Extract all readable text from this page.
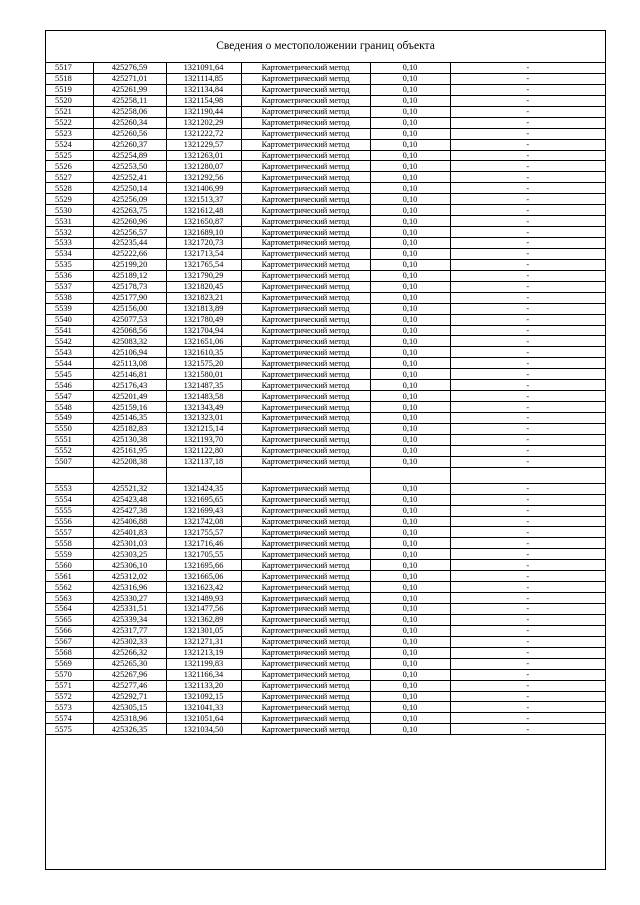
Сведения о местоположении границ объекта
5517	425276,59	1321091,64	Картометрический метод	0,10	-
5518	425271,01	1321114,85	Картометрический метод	0,10	-
5519	425261,99	1321134,84	Картометрический метод	0,10	-
5520	425258,11	1321154,98	Картометрический метод	0,10	-
5521	425258,06	1321190,44	Картометрический метод	0,10	-
5522	425260,34	1321202,29	Картометрический метод	0,10	-
5523	425260,56	1321222,72	Картометрический метод	0,10	-
5524	425260,37	1321229,57	Картометрический метод	0,10	-
5525	425254,89	1321263,01	Картометрический метод	0,10	-
5526	425253,50	1321280,07	Картометрический метод	0,10	-
5527	425252,41	1321292,56	Картометрический метод	0,10	-
5528	425250,14	1321406,99	Картометрический метод	0,10	-
5529	425256,09	1321513,37	Картометрический метод	0,10	-
5530	425263,75	1321612,48	Картометрический метод	0,10	-
5531	425260,96	1321650,87	Картометрический метод	0,10	-
5532	425256,57	1321689,10	Картометрический метод	0,10	-
5533	425235,44	1321720,73	Картометрический метод	0,10	-
5534	425222,66	1321713,54	Картометрический метод	0,10	-
5535	425199,20	1321765,54	Картометрический метод	0,10	-
5536	425189,12	1321790,29	Картометрический метод	0,10	-
5537	425178,73	1321820,45	Картометрический метод	0,10	-
5538	425177,90	1321823,21	Картометрический метод	0,10	-
5539	425156,00	1321813,89	Картометрический метод	0,10	-
5540	425077,53	1321780,49	Картометрический метод	0,10	-
5541	425068,56	1321704,94	Картометрический метод	0,10	-
5542	425083,32	1321651,06	Картометрический метод	0,10	-
5543	425106,94	1321610,35	Картометрический метод	0,10	-
5544	425113,08	1321575,20	Картометрический метод	0,10	-
5545	425146,81	1321580,01	Картометрический метод	0,10	-
5546	425176,43	1321487,35	Картометрический метод	0,10	-
5547	425201,49	1321483,58	Картометрический метод	0,10	-
5548	425159,16	1321343,49	Картометрический метод	0,10	-
5549	425146,35	1321323,01	Картометрический метод	0,10	-
5550	425182,83	1321215,14	Картометрический метод	0,10	-
5551	425130,38	1321193,70	Картометрический метод	0,10	-
5552	425161,95	1321122,80	Картометрический метод	0,10	-
5507	425208,38	1321137,18	Картометрический метод	0,10	-

5553	425521,32	1321424,35	Картометрический метод	0,10	-
5554	425423,48	1321695,65	Картометрический метод	0,10	-
5555	425427,38	1321699,43	Картометрический метод	0,10	-
5556	425406,88	1321742,08	Картометрический метод	0,10	-
5557	425401,83	1321755,57	Картометрический метод	0,10	-
5558	425301,03	1321716,46	Картометрический метод	0,10	-
5559	425303,25	1321705,55	Картометрический метод	0,10	-
5560	425306,10	1321695,66	Картометрический метод	0,10	-
5561	425312,02	1321665,06	Картометрический метод	0,10	-
5562	425316,96	1321623,42	Картометрический метод	0,10	-
5563	425330,27	1321489,93	Картометрический метод	0,10	-
5564	425331,51	1321477,56	Картометрический метод	0,10	-
5565	425339,34	1321362,89	Картометрический метод	0,10	-
5566	425317,77	1321301,05	Картометрический метод	0,10	-
5567	425302,33	1321271,31	Картометрический метод	0,10	-
5568	425266,32	1321213,19	Картометрический метод	0,10	-
5569	425265,30	1321199,83	Картометрический метод	0,10	-
5570	425267,96	1321166,34	Картометрический метод	0,10	-
5571	425277,46	1321133,20	Картометрический метод	0,10	-
5572	425292,71	1321092,15	Картометрический метод	0,10	-
5573	425305,15	1321041,33	Картометрический метод	0,10	-
5574	425318,96	1321051,64	Картометрический метод	0,10	-
5575	425326,35	1321034,50	Картометрический метод	0,10	-
